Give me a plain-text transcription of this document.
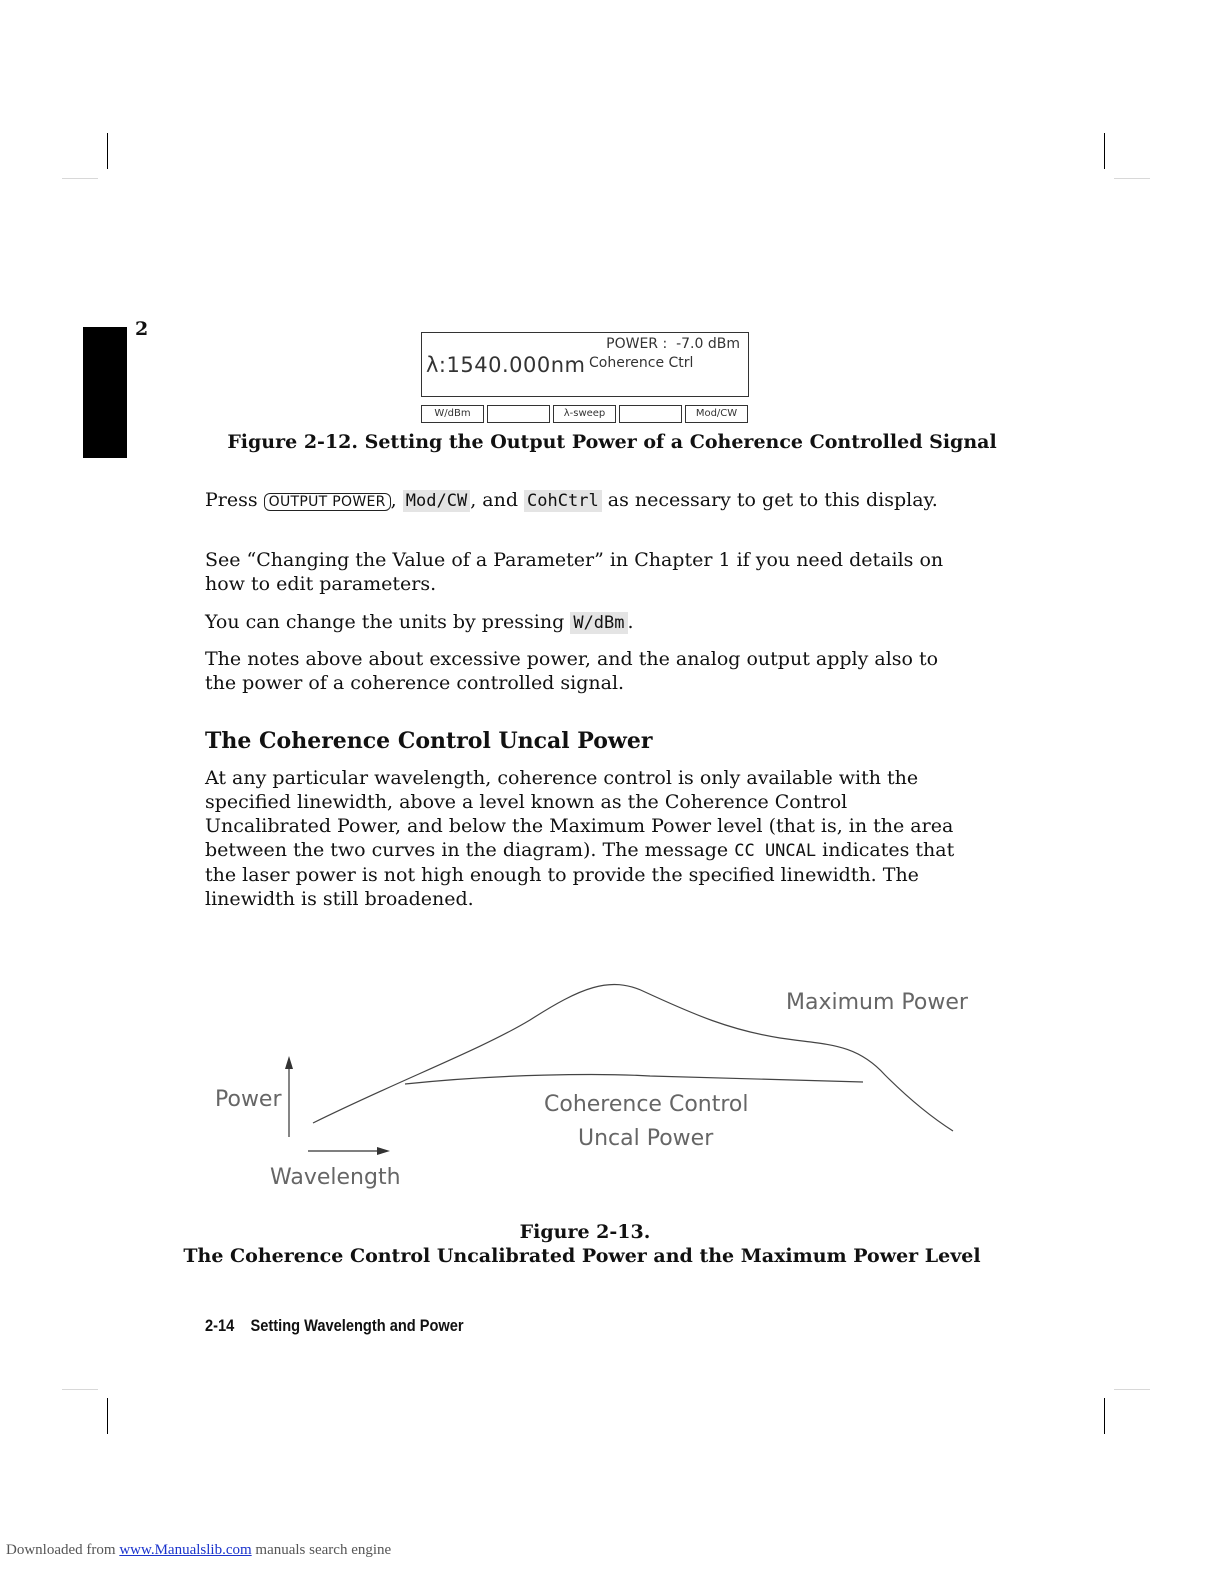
2
POWER :  -7.0 dBm
λ:1540.000nm Coherence Ctrl
W/dBm	λ-sweep	Mod/CW
Figure 2-12. Setting the Output Power of a Coherence Controlled Signal
Press OUTPUT POWER , Mod/CW , and CohCtrl as necessary to get to this display.
See “Changing the Value of a Parameter” in Chapter 1 if you need details on how to edit parameters.
You can change the units by pressing W/dBm .
The notes above about excessive power, and the analog output apply also to the power of a coherence controlled signal.
The Coherence Control Uncal Power
At any particular wavelength, coherence control is only available with the specified linewidth, above a level known as the Coherence Control Uncalibrated Power, and below the Maximum Power level (that is, in the area between the two curves in the diagram). The message CC UNCAL indicates that the laser power is not high enough to provide the specified linewidth. The linewidth is still broadened.
Maximum Power
Power	Coherence Control
Uncal Power
Wavelength
Figure 2-13.
The Coherence Control Uncalibrated Power and the Maximum Power Level
2-14 Setting Wavelength and Power
Downloaded from www.Manualslib.com manuals search engine
